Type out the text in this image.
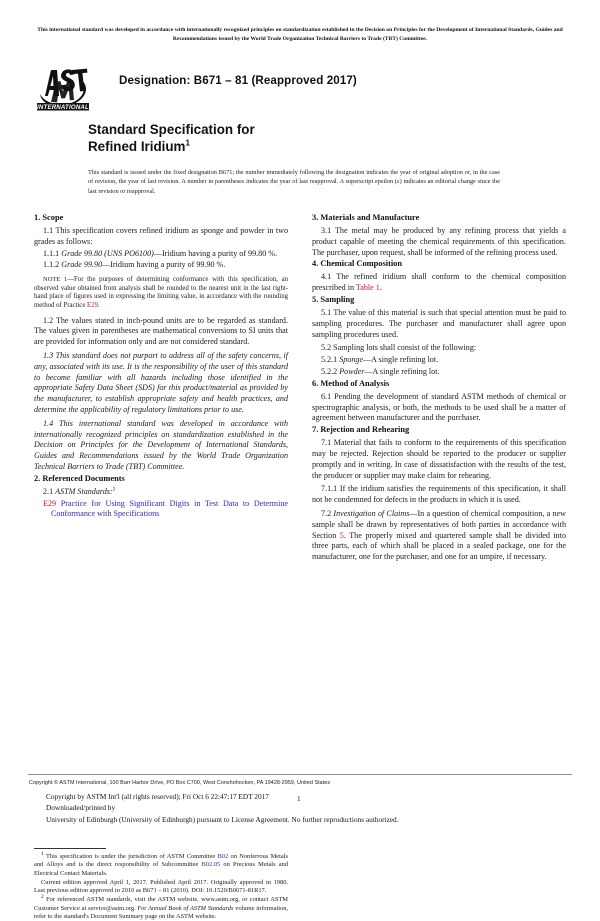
This international standard was developed in accordance with internationally recognized principles on standardization established in the Decision on Principles for the Development of International Standards, Guides and Recommendations issued by the World Trade Organization Technical Barriers to Trade (TBT) Committee.
INTERNATIONAL
Designation: B671 – 81 (Reapproved 2017)
Standard Specification for
Refined Iridium$^1$
This standard is issued under the fixed designation B671; the number immediately following the designation indicates the year of original adoption or, in the case of revision, the year of last revision. A number in parentheses indicates the year of last reapproval. A superscript epsilon (ε) indicates an editorial change since the last revision or reapproval.
1. Scope

1.1 This specification covers refined iridium as sponge and powder in two grades as follows:

1.1.1 Grade 99.80 (UNS PO6100)—Iridium having a purity of 99.80 %.

1.1.2 Grade 99.90—Iridium having a purity of 99.90 %.

NOTE 1—For the purposes of determining conformance with this specification, an observed value obtained from analysis shall be rounded to the nearest unit in the last right-hand place of figures used in expressing the limiting value, in accordance with the rounding method of Practice E29.

1.2 The values stated in inch-pound units are to be regarded as standard. The values given in parentheses are mathematical conversions to SI units that are provided for information only and are not considered standard.

1.3 This standard does not purport to address all of the safety concerns, if any, associated with its use. It is the responsibility of the user of this standard to become familiar with all hazards including those identified in the appropriate Safety Data Sheet (SDS) for this product/material as provided by the manufacturer, to establish appropriate safety and health practices, and determine the applicability of regulatory limitations prior to use.

1.4 This international standard was developed in accordance with internationally recognized principles on standardization established in the Decision on Principles for the Development of International Standards, Guides and Recommendations issued by the World Trade Organization Technical Barriers to Trade (TBT) Committee.

2. Referenced Documents

2.1 ASTM Standards:$^2$

E29 Practice for Using Significant Digits in Test Data to Determine Conformance with Specifications

$^1$ This specification is under the jurisdiction of ASTM Committee B02 on Nonferrous Metals and Alloys and is the direct responsibility of Subcommittee B02.05 on Precious Metals and Electrical Contact Materials.

Current edition approved April 1, 2017. Published April 2017. Originally approved in 1980. Last previous edition approved in 2010 as B671 – 81 (2010). DOI: 10.1520/B0671-81R17.

$^2$ For referenced ASTM standards, visit the ASTM website, www.astm.org, or contact ASTM Customer Service at service@astm.org. For Annual Book of ASTM Standards volume information, refer to the standard's Document Summary page on the ASTM website.

3. Materials and Manufacture

3.1 The metal may be produced by any refining process that yields a product capable of meeting the chemical requirements of this specification. The purchaser, upon request, shall be informed of the refining process used.

4. Chemical Composition

4.1 The refined iridium shall conform to the chemical composition prescribed in Table 1.

5. Sampling

5.1 The value of this material is such that special attention must be paid to sampling procedures. The purchaser and manufacturer shall agree upon sampling procedures used.

5.2 Sampling lots shall consist of the following:

5.2.1 Sponge—A single refining lot.

5.2.2 Powder—A single refining lot.

6. Method of Analysis

6.1 Pending the development of standard ASTM methods of chemical or spectrographic analysis, or both, the methods to be used shall be a matter of agreement between manufacturer and the purchaser.

7. Rejection and Rehearing

7.1 Material that fails to conform to the requirements of this specification may be rejected. Rejection should be reported to the producer or supplier promptly and in writing. In case of dissatisfaction with the results of the test, the producer or supplier may make claim for rehearing.

7.1.1 If the iridium satisfies the requirements of this specification, it shall not be condemned for defects in the products in which it is used.

7.2 Investigation of Claims—In a question of chemical composition, a new sample shall be drawn by representatives of both parties in accordance with Section 5. The properly mixed and quartered sample shall be divided into three parts, each of which shall be placed in a sealed package, one for the manufacturer, one for the purchaser, and one for an umpire, if necessary.

Copyright © ASTM International, 100 Barr Harbor Drive, PO Box C700, West Conshohocken, PA 19428-2959, United States
Copyright by ASTM Int'l (all rights reserved); Fri Oct 6 22:47:17 EDT 2017
Downloaded/printed by
University of Edinburgh (University of Edinburgh) pursuant to License Agreement. No further reproductions authorized.
1
